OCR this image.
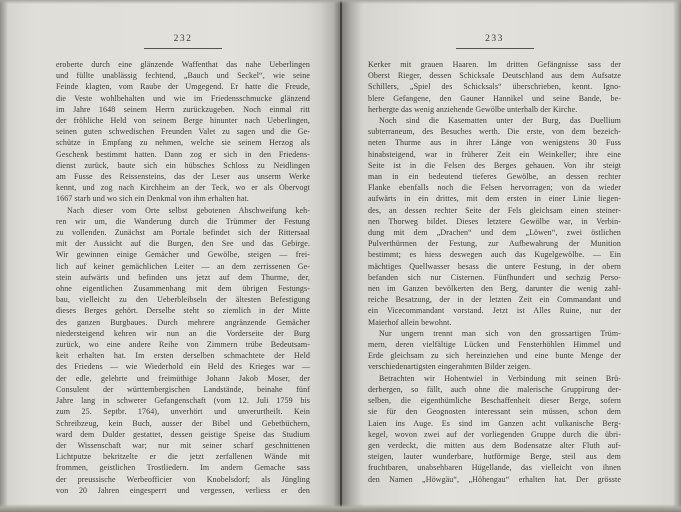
232
eroberte durch eine glänzende Waffenthat das nahe Ueberlingen
und füllte unablässig fechtend, „Bauch und Seckel“, wie seine
Feinde klagten, vom Raube der Umgegend. Er hatte die Freude,
die Veste wohlbehalten und wie im Friedensschmucke glänzend
im Jahre 1648 seinem Herrn zurückzugeben. Noch einmal ritt
der fröhliche Held von seinem Berge hinunter nach Ueberlingen,
seinen guten schwedischen Freunden Valet zu sagen und die Ge-
schütze in Empfang zu nehmen, welche sie seinem Herzog als
Geschenk bestimmt hatten. Dann zog er sich in den Friedens-
dienst zurück, baute sich ein hübsches Schloss zu Neidlingen
am Fusse des Reissensteins, das der Leser aus unserm Werke
kennt, und zog nach Kirchheim an der Teck, wo er als Obervogt
1667 starb und wo sich ein Denkmal von ihm erhalten hat.
Nach dieser vom Orte selbst gebotenen Abschweifung keh-
ren wir um, die Wanderung durch die Trümmer der Festung
zu vollenden. Zunächst am Portale befindet sich der Rittersaal
mit der Aussicht auf die Burgen, den See und das Gebirge.
Wir gewinnen einige Gemächer und Gewölbe, steigen — frei-
lich auf keiner gemächlichen Leiter — an dem zerrissenen Ge-
stein aufwärts und befinden uns jetzt auf dem Thurme, der,
ohne eigentlichen Zusammenhang mit dem übrigen Festungs-
bau, vielleicht zu den Ueberbleibseln der ältesten Befestigung
dieses Berges gehört. Derselbe steht so ziemlich in der Mitte
des ganzen Burgbaues. Durch mehrere angränzende Gemächer
niedersteigend kehren wir nun an die Vorderseite der Burg
zurück, wo eine andere Reihe von Zimmern trübe Bedeutsam-
keit erhalten hat. Im ersten derselben schmachtete der Held
des Friedens — wie Wiederhold ein Held des Krieges war —
der edle, gelehrte und freimüthige Johann Jakob Moser, der
Consulent der württembergischen Landstände, beinahe fünf
Jahre lang in schwerer Gefangenschaft (vom 12. Juli 1759 bis
zum 25. Septbr. 1764), unverhört und unverurtheilt. Kein
Schreibzeug, kein Buch, ausser der Bibel und Gebetbüchern,
ward dem Dulder gestattet, dessen geistige Speise das Studium
der Wissenschaft war; nur mit seiner scharf geschnittenen
Lichtputze bekritzelte er die jetzt zerfallenen Wände mit
frommen, geistlichen Trostliedern. Im andern Gemache sass
der preussische Werbeofficier von Knobelsdorf; als Jüngling
von 20 Jahren eingesperrt und vergessen, verliess er den
233
Kerker mit grauen Haaren. Im dritten Gefängnisse sass der
Oberst Rieger, dessen Schicksale Deutschland aus dem Aufsatze
Schillers, „Spiel des Schicksals“ überschrieben, kennt. Igno-
blere Gefangene, den Gauner Hannikel und seine Bande, be-
herbergte das wenig anziehende Gewölbe unterhalb der Kirche.
Noch sind die Kasematten unter der Burg, das Duellium
subterraneum, des Besuches werth. Die erste, von dem bezeich-
neten Thurme aus in ihrer Länge von wenigstens 30 Fuss
hinabsteigend, war in früherer Zeit ein Weinkeller; ihre eine
Seite ist in die Felsen des Berges gehauen. Von ihr steigt
man in ein bedeutend tieferes Gewölbe, an dessen rechter
Flanke ebenfalls noch die Felsen hervorragen; von da wieder
aufwärts in ein drittes, mit dem ersten in einer Linie liegen-
des, an dessen rechter Seite der Fels gleichsam einen steiner-
nen Thorweg bildet. Dieses letztere Gewölbe war, in Verbin-
dung mit dem „Drachen“ und dem „Löwen“, zwei östlichen
Pulverthürmen der Festung, zur Aufbewahrung der Munition
bestimmt; es hiess deswegen auch das Kugelgewölbe. — Ein
mächtiges Quellwasser besass die untere Festung, in der obern
befanden sich nur Cisternen. Fünfhundert und sechzig Perso-
nen im Ganzen bevölkerten den Berg, darunter die wenig zahl-
reiche Besatzung, der in der letzten Zeit ein Commandant und
ein Vicecommandant vorstand. Jetzt ist Alles Ruine, nur der
Maierhof allein bewohnt.
Nur ungern trennt man sich von den grossartigen Trüm-
mern, deren vielfältige Lücken und Fensterhöhlen Himmel und
Erde gleichsam zu sich hereinziehen und eine bunte Menge der
verschiedenartigsten eingerahmten Bilder zeigen.
Betrachten wir Hohentwiel in Verbindung mit seinen Brü-
derbergen, so fällt, auch ohne die malerische Gruppirung der-
selben, die eigenthümliche Beschaffenheit dieser Berge, sofern
sie für den Geognosten interessant sein müssen, schon dem
Laien ins Auge. Es sind im Ganzen acht vulkanische Berg-
kegel, wovon zwei auf der vorliegenden Gruppe durch die übri-
gen verdeckt, die mitten aus dem Bodensatze alter Fluth auf-
steigen, lauter wunderbare, hutförmige Berge, steil aus dem
fruchtbaren, unabsehbaren Hügellande, das vielleicht von ihnen
den Namen „Höwgäu“, „Höhengau“ erhalten hat. Der grösste
